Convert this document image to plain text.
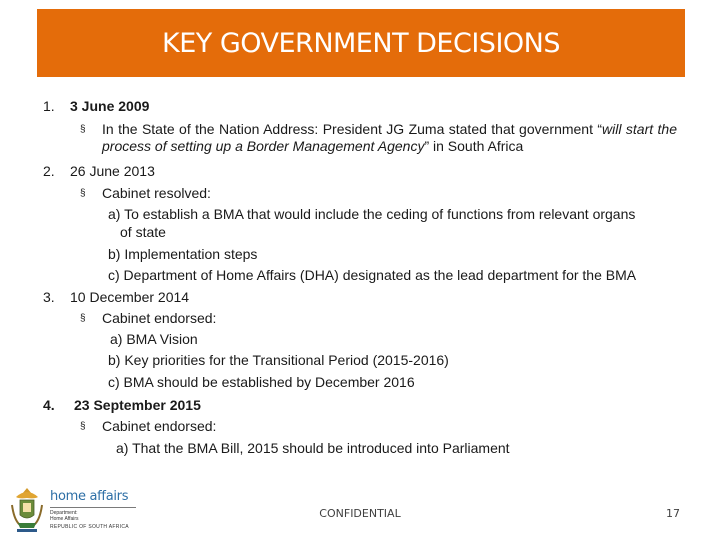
KEY GOVERNMENT DECISIONS
1. 3 June 2009
§ In the State of the Nation Address: President JG Zuma stated that government “will start the process of setting up a Border Management Agency” in South Africa
2. 26 June 2013
§ Cabinet resolved:
a) To establish a BMA that would include the ceding of functions from relevant organs
of state
b) Implementation steps
c) Department of Home Affairs (DHA) designated as the lead department for the BMA
3. 10 December 2014
§ Cabinet endorsed:
a) BMA Vision
b) Key priorities for the Transitional Period (2015-2016)
c) BMA should be established by December 2016
4. 23 September 2015
§ Cabinet endorsed:
a) That the BMA Bill, 2015 should be introduced into Parliament
home affairs
Department:
Home Affairs
REPUBLIC OF SOUTH AFRICA
CONFIDENTIAL	17
